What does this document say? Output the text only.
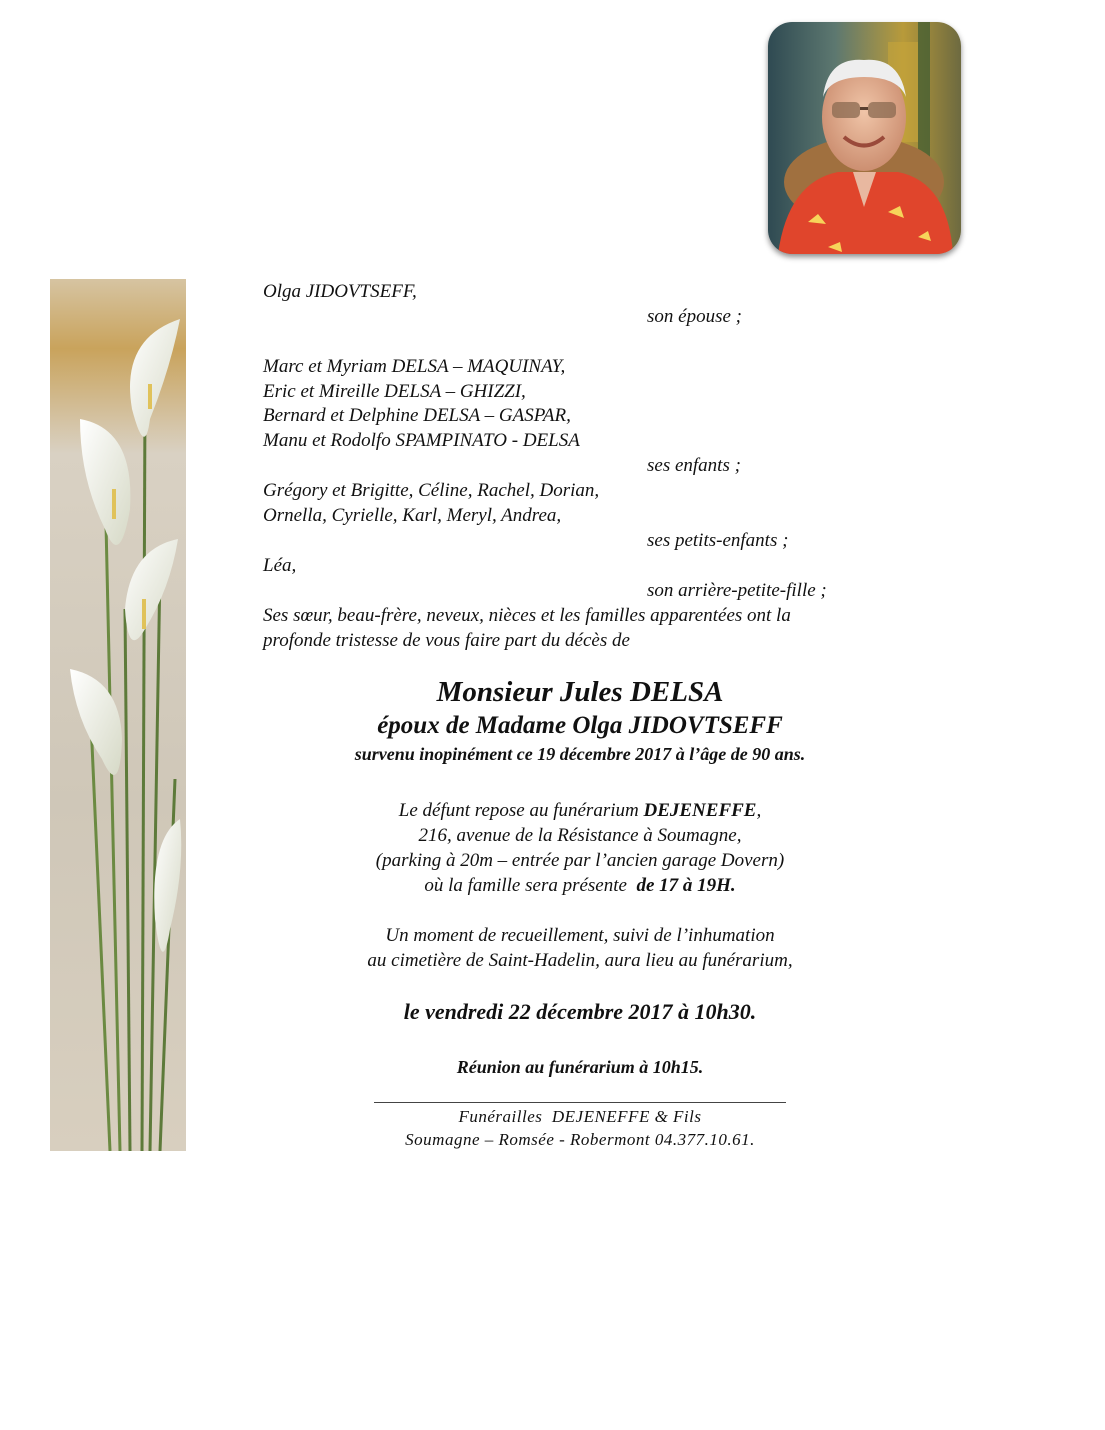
Olga JIDOVTSEFF,
son épouse ;
Marc et Myriam DELSA – MAQUINAY,
Eric et Mireille DELSA – GHIZZI,
Bernard et Delphine DELSA – GASPAR,
Manu et Rodolfo SPAMPINATO - DELSA
ses enfants ;
Grégory et Brigitte, Céline, Rachel, Dorian,
Ornella, Cyrielle, Karl, Meryl, Andrea,
ses petits-enfants ;
Léa,
son arrière-petite-fille ;
Ses sœur, beau-frère, neveux, nièces et les familles apparentées ont la
profonde tristesse de vous faire part du décès de
Monsieur Jules DELSA
époux de Madame Olga JIDOVTSEFF
survenu inopinément ce 19 décembre 2017 à l’âge de 90 ans.
Le défunt repose au funérarium DEJENEFFE,
216, avenue de la Résistance à Soumagne,
(parking à 20m – entrée par l’ancien garage Dovern)
où la famille sera présente  de 17 à 19H.
Un moment de recueillement, suivi de l’inhumation
au cimetière de Saint-Hadelin, aura lieu au funérarium,
le vendredi 22 décembre 2017 à 10h30.
Réunion au funérarium à 10h15.
Funérailles  DEJENEFFE & Fils
Soumagne – Romsée - Robermont 04.377.10.61.
